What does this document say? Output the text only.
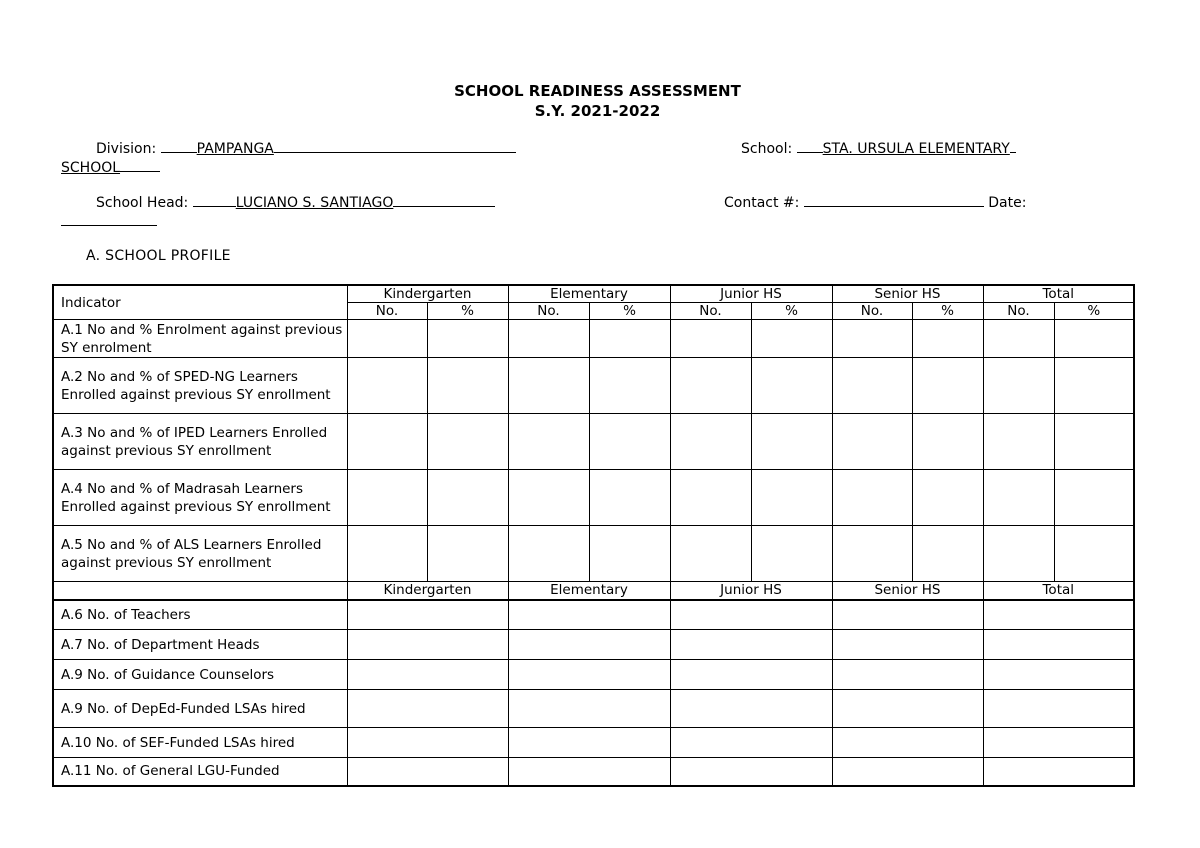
SCHOOL READINESS ASSESSMENT
S.Y. 2021-2022
Division:	PAMPANGA	School: STA. URSULA ELEMENTARY
SCHOOL
School Head:	LUCIANO S. SANTIAGO	Contact #:	Date:
A. SCHOOL PROFILE
Indicator	Kindergarten		Elementary		Junior HS		Senior HS		Total	
	No.	%	No.	%	No.	%	No.	%	No.	%
A.1 No and % Enrolment against previous SY enrolment										
A.2 No and % of SPED-NG Learners Enrolled against previous SY enrollment										
A.3 No and % of IPED Learners Enrolled against previous SY enrollment										
A.4 No and % of Madrasah Learners Enrolled against previous SY enrollment										
A.5 No and % of ALS Learners Enrolled against previous SY enrollment										
	Kindergarten		Elementary		Junior HS		Senior HS		Total	
A.6 No. of Teachers										
A.7 No. of Department Heads										
A.9 No. of Guidance Counselors										
A.9 No. of DepEd-Funded LSAs hired										
A.10 No. of SEF-Funded LSAs hired										
A.11 No. of General LGU-Funded										
